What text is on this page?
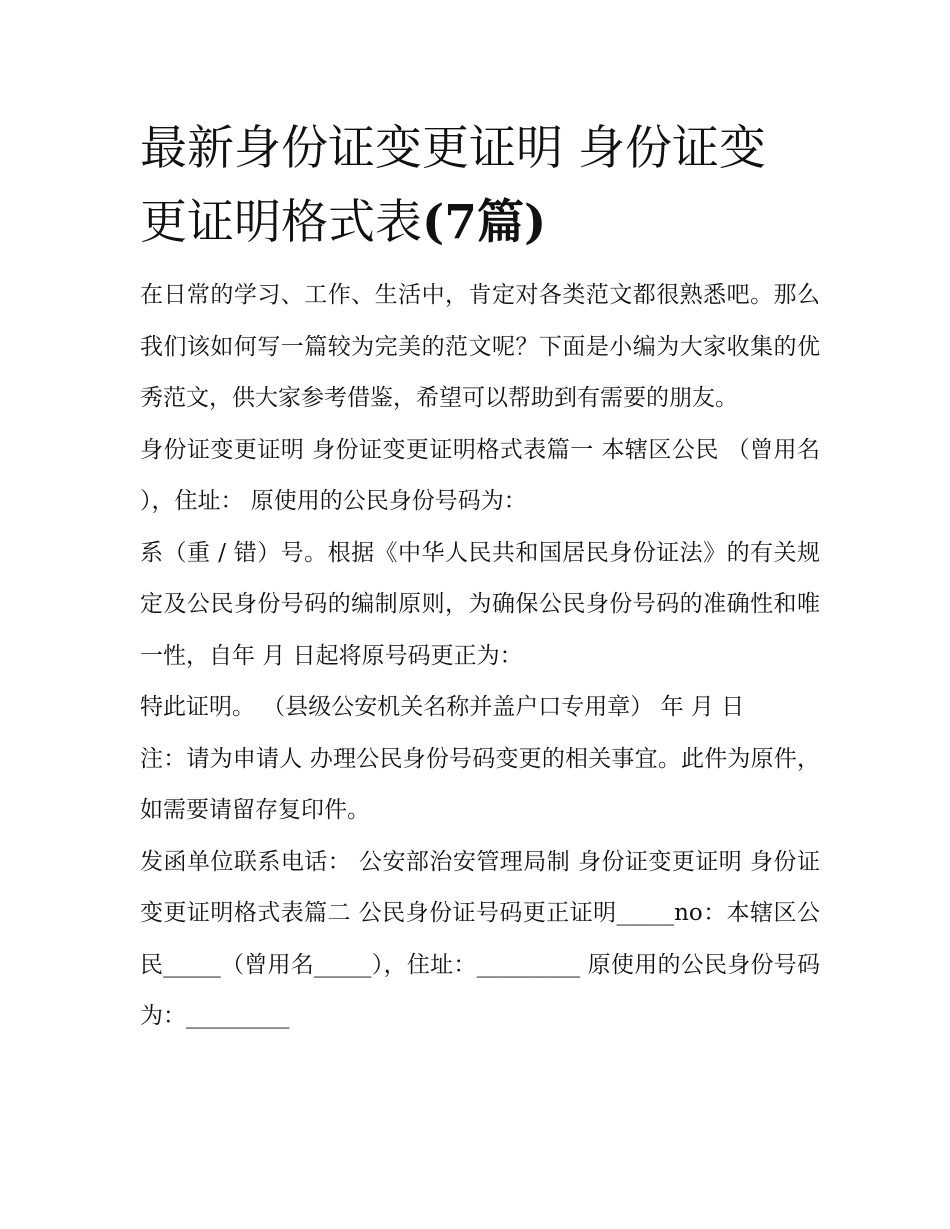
最新身份证变更证明 身份证变
更证明格式表(7篇)

在日常的学习、工作、生活中，肯定对各类范文都很熟悉吧。那么我们该如何写一篇较为完美的范文呢？下面是小编为大家收集的优秀范文，供大家参考借鉴，希望可以帮助到有需要的朋友。

身份证变更证明 身份证变更证明格式表篇一 本辖区公民 （曾用名 ），住址： 原使用的公民身份号码为：

系（重 / 错）号。根据《中华人民共和国居民身份证法》的有关规定及公民身份号码的编制原则，为确保公民身份号码的准确性和唯一性，自年 月 日起将原号码更正为：

特此证明。 （县级公安机关名称并盖户口专用章） 年 月 日

注：请为申请人 办理公民身份号码变更的相关事宜。此件为原件，如需要请留存复印件。

发函单位联系电话： 公安部治安管理局制 身份证变更证明 身份证变更证明格式表篇二 公民身份证号码更正证明_____no：本辖区公民_____（曾用名_____），住址：_________ 原使用的公民身份号码为：_________
